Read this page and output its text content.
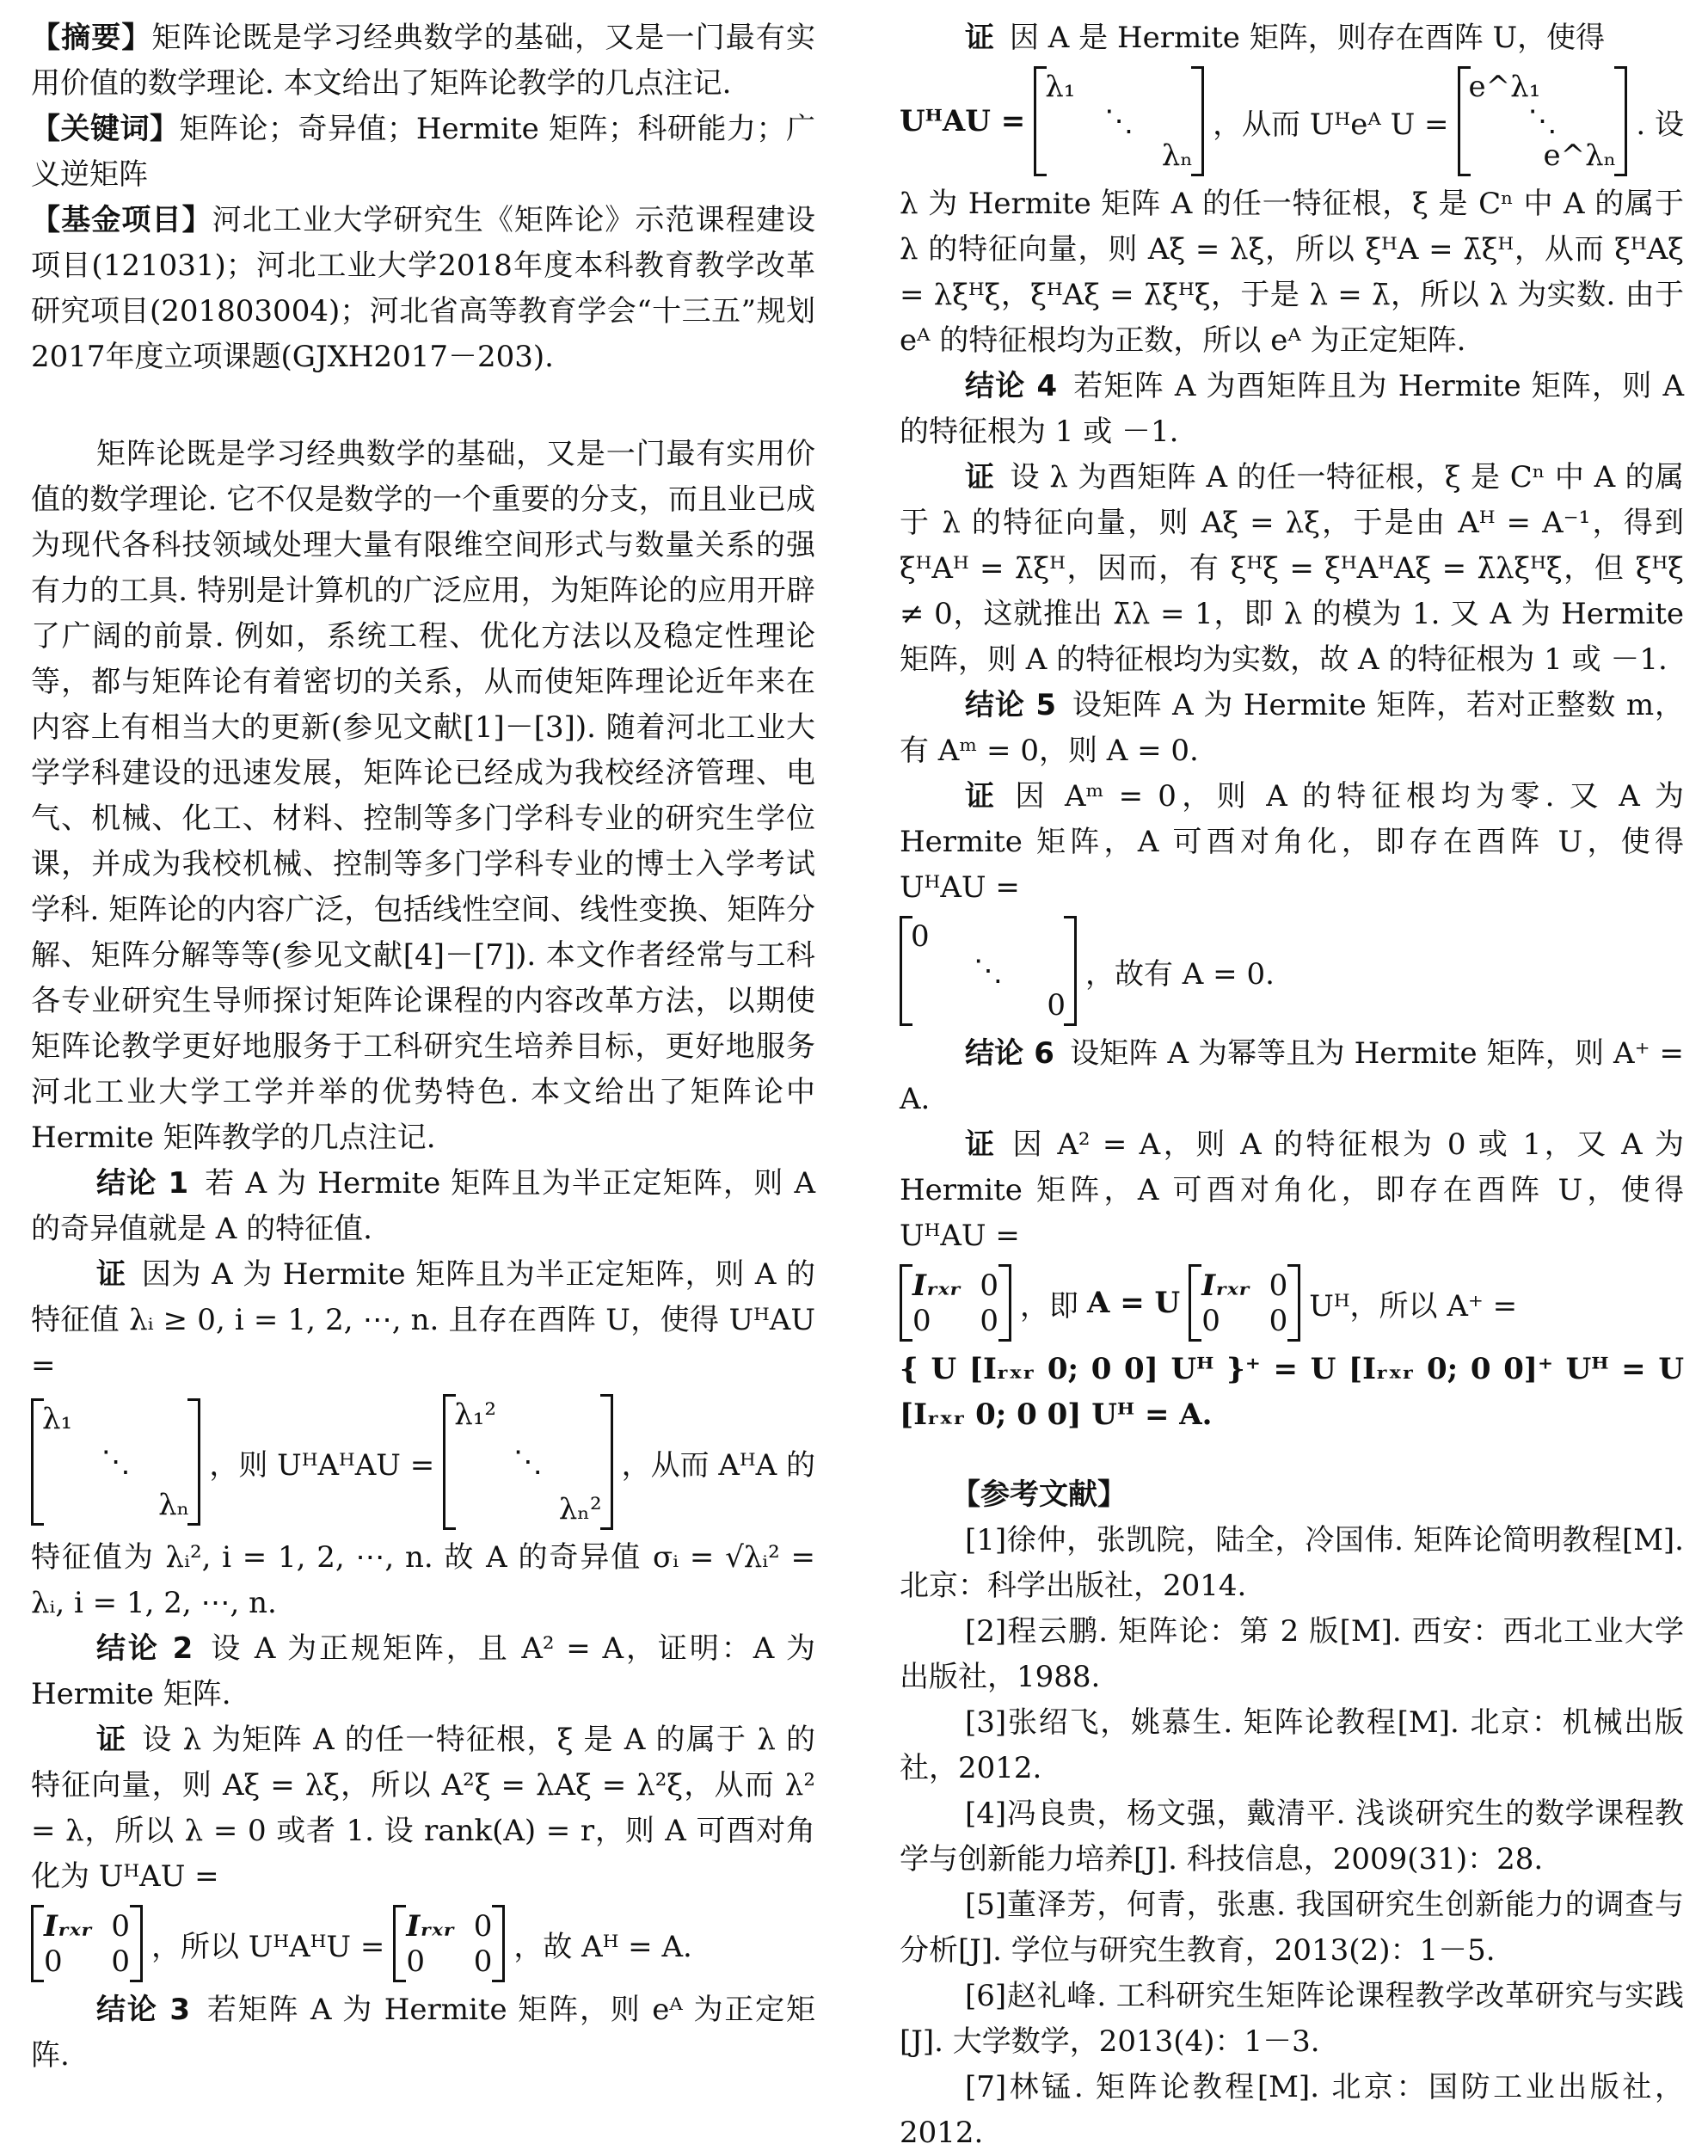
【摘要】矩阵论既是学习经典数学的基础，又是一门最有实用价值的数学理论. 本文给出了矩阵论教学的几点注记.

【关键词】矩阵论；奇异值；Hermite 矩阵；科研能力；广义逆矩阵

【基金项目】河北工业大学研究生《矩阵论》示范课程建设项目(121031)；河北工业大学2018年度本科教育教学改革研究项目(201803004)；河北省高等教育学会“十三五”规划2017年度立项课题(GJXH2017－203).

矩阵论既是学习经典数学的基础，又是一门最有实用价值的数学理论. 它不仅是数学的一个重要的分支，而且业已成为现代各科技领域处理大量有限维空间形式与数量关系的强有力的工具. 特别是计算机的广泛应用，为矩阵论的应用开辟了广阔的前景. 例如，系统工程、优化方法以及稳定性理论等，都与矩阵论有着密切的关系，从而使矩阵理论近年来在内容上有相当大的更新(参见文献[1]－[3]). 随着河北工业大学学科建设的迅速发展，矩阵论已经成为我校经济管理、电气、机械、化工、材料、控制等多门学科专业的研究生学位课，并成为我校机械、控制等多门学科专业的博士入学考试学科. 矩阵论的内容广泛，包括线性空间、线性变换、矩阵分解、矩阵分解等等(参见文献[4]－[7]). 本文作者经常与工科各专业研究生导师探讨矩阵论课程的内容改革方法，以期使矩阵论教学更好地服务于工科研究生培养目标，更好地服务河北工业大学工学并举的优势特色. 本文给出了矩阵论中 Hermite 矩阵教学的几点注记.

结论 1 若 A 为 Hermite 矩阵且为半正定矩阵，则 A 的奇异值就是 A 的特征值.

证 因为 A 为 Hermite 矩阵且为半正定矩阵，则 A 的特征值 λᵢ ≥ 0, i = 1, 2, ⋯, n. 且存在酉阵 U，使得 UᴴAU =

λ₁
⋱
λₙ
，则 UᴴAᴴAU =
λ₁²
⋱
λₙ²
，从而 AᴴA 的

特征值为 λᵢ², i = 1, 2, ⋯, n. 故 A 的奇异值 σᵢ = √λᵢ² = λᵢ, i = 1, 2, ⋯, n.

结论 2 设 A 为正规矩阵，且 A² = A，证明：A 为 Hermite 矩阵.

证 设 λ 为矩阵 A 的任一特征根，ξ 是 A 的属于 λ 的特征向量，则 Aξ = λξ，所以 A²ξ = λAξ = λ²ξ，从而 λ² = λ，所以 λ = 0 或者 1. 设 rank(A) = r，则 A 可酉对角化为 UᴴAU =

Iᵣₓᵣ 0
0 0 ，所以 UᴴAᴴU =
Iᵣₓᵣ 0
0 0 ，故 Aᴴ = A.

结论 3 若矩阵 A 为 Hermite 矩阵，则 eᴬ 为正定矩阵.

证 因 A 是 Hermite 矩阵，则存在酉阵 U，使得

UᴴAU =
λ₁
⋱
λₙ
，从而 Uᴴeᴬ U =
e^λ₁
⋱
e^λₙ
. 设

λ 为 Hermite 矩阵 A 的任一特征根，ξ 是 Cⁿ 中 A 的属于 λ 的特征向量，则 Aξ = λξ，所以 ξᴴA = λ̄ξᴴ，从而 ξᴴAξ = λξᴴξ，ξᴴAξ = λ̄ξᴴξ，于是 λ = λ̄，所以 λ 为实数. 由于 eᴬ 的特征根均为正数，所以 eᴬ 为正定矩阵.

结论 4 若矩阵 A 为酉矩阵且为 Hermite 矩阵，则 A 的特征根为 1 或 －1.

证 设 λ 为酉矩阵 A 的任一特征根，ξ 是 Cⁿ 中 A 的属于 λ 的特征向量，则 Aξ = λξ，于是由 Aᴴ = A⁻¹，得到 ξᴴAᴴ = λ̄ξᴴ，因而，有 ξᴴξ = ξᴴAᴴAξ = λ̄λξᴴξ，但 ξᴴξ ≠ 0，这就推出 λ̄λ = 1，即 λ 的模为 1. 又 A 为 Hermite 矩阵，则 A 的特征根均为实数，故 A 的特征根为 1 或 －1.

结论 5 设矩阵 A 为 Hermite 矩阵，若对正整数 m，有 Aᵐ = 0，则 A = 0.

证 因 Aᵐ = 0，则 A 的特征根均为零. 又 A 为 Hermite 矩阵，A 可酉对角化，即存在酉阵 U，使得 UᴴAU =

0
⋱
0
，故有 A = 0.

结论 6 设矩阵 A 为幂等且为 Hermite 矩阵，则 A⁺ = A.

证 因 A² = A，则 A 的特征根为 0 或 1，又 A 为 Hermite 矩阵，A 可酉对角化，即存在酉阵 U，使得 UᴴAU =

Iᵣₓᵣ 0
0 0 ，即 A = U
Iᵣₓᵣ 0
0 0 Uᴴ，所以 A⁺ =

{ U [Iᵣₓᵣ 0; 0 0] Uᴴ }⁺ = U [Iᵣₓᵣ 0; 0 0]⁺ Uᴴ = U [Iᵣₓᵣ 0; 0 0] Uᴴ = A.

【参考文献】

[1]徐仲，张凯院，陆全，冷国伟. 矩阵论简明教程[M]. 北京：科学出版社，2014.

[2]程云鹏. 矩阵论：第 2 版[M]. 西安：西北工业大学出版社，1988.

[3]张绍飞，姚慕生. 矩阵论教程[M]. 北京：机械出版社，2012.

[4]冯良贵，杨文强，戴清平. 浅谈研究生的数学课程教学与创新能力培养[J]. 科技信息，2009(31)：28.

[5]董泽芳，何青，张惠. 我国研究生创新能力的调查与分析[J]. 学位与研究生教育，2013(2)：1－5.

[6]赵礼峰. 工科研究生矩阵论课程教学改革研究与实践[J]. 大学数学，2013(4)：1－3.

[7]林锰. 矩阵论教程[M]. 北京：国防工业出版社，2012.
